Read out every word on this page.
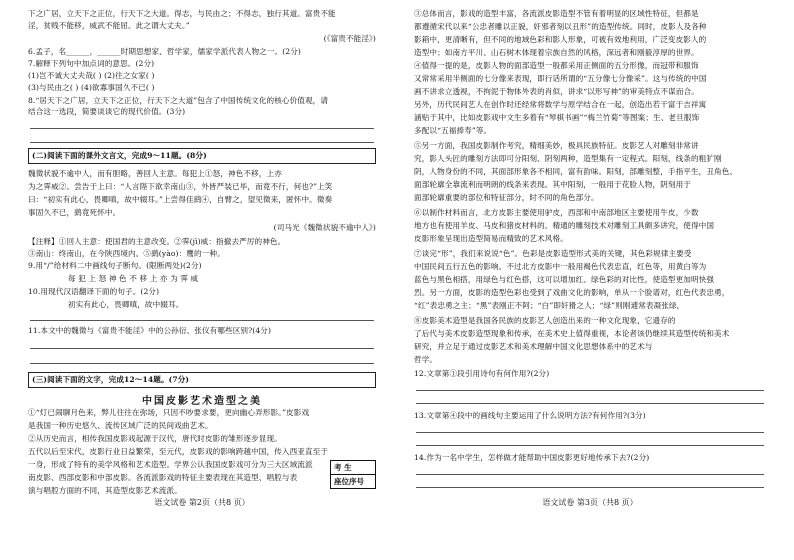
下之广居，立天下之正位，行天下之大道。得志，与民由之；不得志，独行其道。富贵不能
淫，贫贱不能移，威武不能屈。此之谓大丈夫。”
(《富贵不能淫》)
6.孟子，名______，______时期思想家、哲学家，儒家学派代表人物之一。(2分)
7.解释下列句中加点词的意思。(2分)
(1)岂不诚大丈夫哉( ) (2)往之女家( )
(3)与民由之( ) (4)欲寡事国久不已( )
8.“居天下之广居，立天下之正位，行天下之大道”包含了中国传统文化的核心价值观，请
结合这一选段，简要谈谈它的现代价值。(3分)
(二)阅读下面的课外文言文，完成9～11题。(8分)
魏徵状貌不逾中人，而有胆略，善回人主意。每犯上①怒，神色不移，上亦
为之霁威②。尝告于上曰：“人言陛下欲幸南山③，外皆严装已毕，而竟不行，何也?”上笑
曰：“初实有此心，畏卿嗔，故中辍耳。”上尝得佳鹞④，自臂之，望见徵来，匿怀中。徵奏
事固久不已，鹞竟死怀中。
(司马光《魏徵状貌不逾中人》)
【注释】①回人主意：使国君的主意改变。②霁(jì)威：指撤去严厉的神色。
③南山：终南山，在今陕西境内。⑤鹞(yào)：鹰的一种。
9.用“/”给材料二中画线句子断句。(限断两处)(2分)
每 犯 上 怒 神 色 不 移 上 亦 为 霁 威
10.用现代汉语翻译下面的句子。(2分)
初实有此心，畏卿嗔，故中辍耳。
11.本文中的魏徵与《富贵不能淫》中的公孙衍、张仪有哪些区别?(4分)
(三)阅读下面的文字，完成12～14题。(7分)
中国皮影艺术造型之美
①“灯已闹聊月色来，弊儿往往在弥场，只因不吵要求要，更向幽心弄形影。”皮影戏
是我国一种历史悠久、流传区域广泛的民间戏曲艺术。
②从历史而言，相传我国皮影戏起源于汉代，唐代时皮影的雏形逐步显现。
五代以后至宋代，皮影行业日益繁荣，至元代，皮影戏的影响跨越中国，传入西亚直至于
一身，形成了特有的美学风格和艺术造型。学界公认我国皮影戏可分为三大区域流派
南皮影、西部皮影和中部皮影。各流派影戏的特征主要表现在其造型、唱腔与表
演与唱腔方面的不同，其造型皮影艺术流派。
考 生
座位序号
语文试卷 第2页（共8 页）
③总体而言，影戏的造型丰富，各流派皮影造型不管有着明显的区域性特征，但都是
都遵循宋代以来“公忠者雕以正貌，奸邪者刻以丑形”的造型传统。同时，皮影人及各种
影箱中，更清晰有，但不同的地域色彩和影人形象，可被有效地利用，广泛变皮影人的
造型中；如南方平川、山石树木体现着宗族自然的风格，深远者和刚毅淳厚的世界。
④值得一提的是，皮影人物的面部造型一般都采用正侧面的五分形像，而冠带和服饰
又常常采用半侧面的七分像来表现，即行话所谓的“五分像七分像采”。这与传统的中国
画不讲求立透视，不拘泥于物体外表的肖似，讲求“以形写神”的审美特点不谋而合。
另外，历代民间艺人在创作时还经常将数学与原学结合在一起，创造出若干富于吉祥寓
涵贴于其中，比如皮影戏中文生多着有“琴棋书画”“梅兰竹菊”等图案；生、老旦服饰
多配以“五福捧寿”等。
⑤另一方面，我国皮影制作考究，精细美妙，极具民族特征。皮影艺人对雕刻非常讲
究，影人头匠的雕刻方法即可分阳刻、阴刻两种，造型集有一定程式。阳刻，线条的粗犷刚
阴，人物身份的不同，其面部形象各不相同，富有韵味。阳刻，部雕刻整，手指平生，丑角色、
面部轮廓全靠流利而明朗的线条来表现。其中阳刻，一般用于花脸人物，阴刻用于
面部轮廓重要的部位和特征部分，时不同的角色部分。
⑥以制作材料而言，北方皮影主要使用驴皮，西部和中南部地区主要使用牛皮，少数
地方也有使用羊皮、马皮和猪皮材料的。精通的雕刻技术对雕刻工具颇多讲究，使得中国
皮影形象呈现出造型简易而精致的艺术风格。
⑦谈完“形”，我们来说说“色”。色彩是皮影造型形式美的关键，其色彩规律主要受
中国民间五行五色的影响。不过北方皮影中一般用褐色代表忠直，红色等，用黄白等为
蓝色与黑色相搭，用绿色与红色搭，这可以增加红、绿色彩的对比性，使造型更加明快强
烈。另一方面，皮影的造型色彩也受到了戏曲文化的影响，单从一个脸谱对，红色代表忠勇，
“红”表忠勇之主；“黑”表刚正不阿；“白”即奸猾之人；“绿”则刚逋常表凝张绿，
⑧皮影美术造型是我国各民族的皮影艺人创造出来的一种文化现象，它遗存的
了后代与美术皮影造型现象和传承，在美术史上值得重视，本论者该仍继续其造型传统和美术
研究，并立足于通过皮影艺术和美术理解中国文化思想体系中的艺术与
哲学。
12.文章第①段引用诗句有何作用?(2分)
13.文章第④段中的画线句主要运用了什么说明方法?有何作用?(3分)
14.作为一名中学生，怎样做才能帮助中国皮影更好地传承下去?(2分)
语文试卷 第3页（共8 页）
